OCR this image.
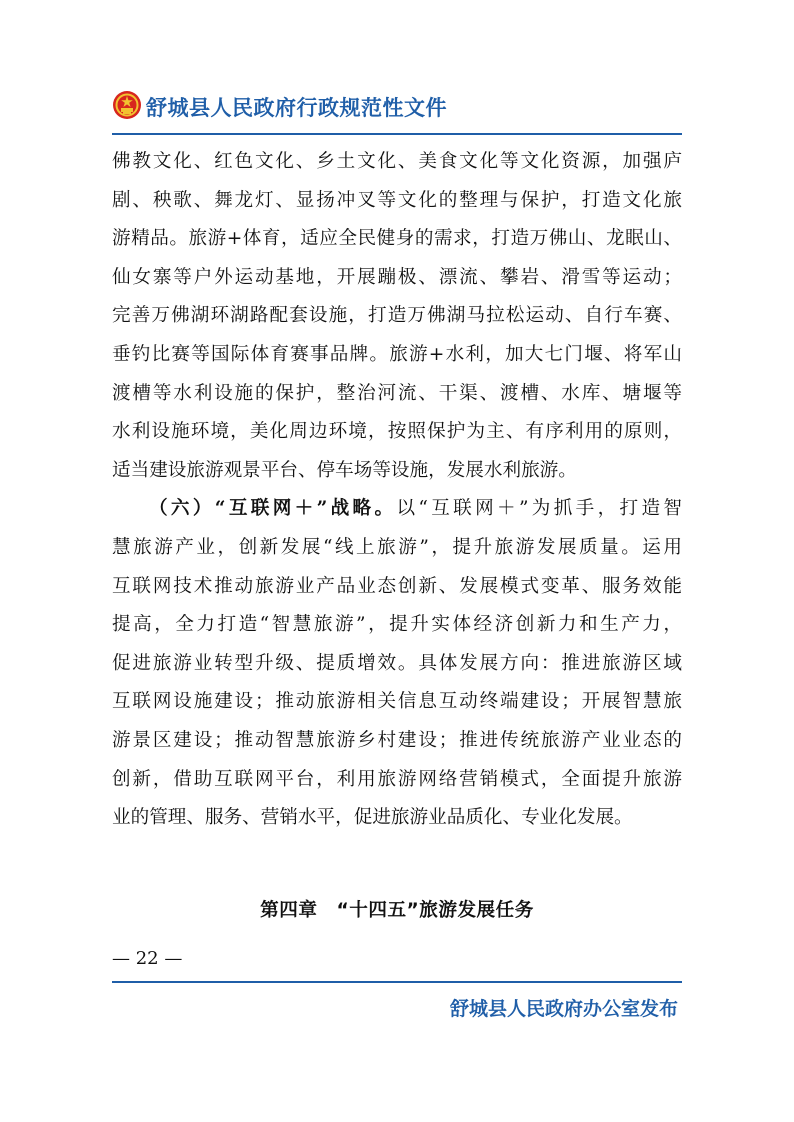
舒城县人民政府行政规范性文件
佛教文化、红色文化、乡土文化、美食文化等文化资源，加强庐
剧、秧歌、舞龙灯、显扬冲叉等文化的整理与保护，打造文化旅
游精品。旅游+体育，适应全民健身的需求，打造万佛山、龙眠山、
仙女寨等户外运动基地，开展蹦极、漂流、攀岩、滑雪等运动；
完善万佛湖环湖路配套设施，打造万佛湖马拉松运动、自行车赛、
垂钓比赛等国际体育赛事品牌。旅游+水利，加大七门堰、将军山
渡槽等水利设施的保护，整治河流、干渠、渡槽、水库、塘堰等
水利设施环境，美化周边环境，按照保护为主、有序利用的原则，
适当建设旅游观景平台、停车场等设施，发展水利旅游。
（六）“互联网＋”战略。以“互联网＋”为抓手，打造智
慧旅游产业，创新发展“线上旅游”，提升旅游发展质量。运用
互联网技术推动旅游业产品业态创新、发展模式变革、服务效能
提高，全力打造“智慧旅游”，提升实体经济创新力和生产力，
促进旅游业转型升级、提质增效。具体发展方向：推进旅游区域
互联网设施建设；推动旅游相关信息互动终端建设；开展智慧旅
游景区建设；推动智慧旅游乡村建设；推进传统旅游产业业态的
创新，借助互联网平台，利用旅游网络营销模式，全面提升旅游
业的管理、服务、营销水平，促进旅游业品质化、专业化发展。
第四章　“十四五”旅游发展任务
— 22 —
舒城县人民政府办公室发布
